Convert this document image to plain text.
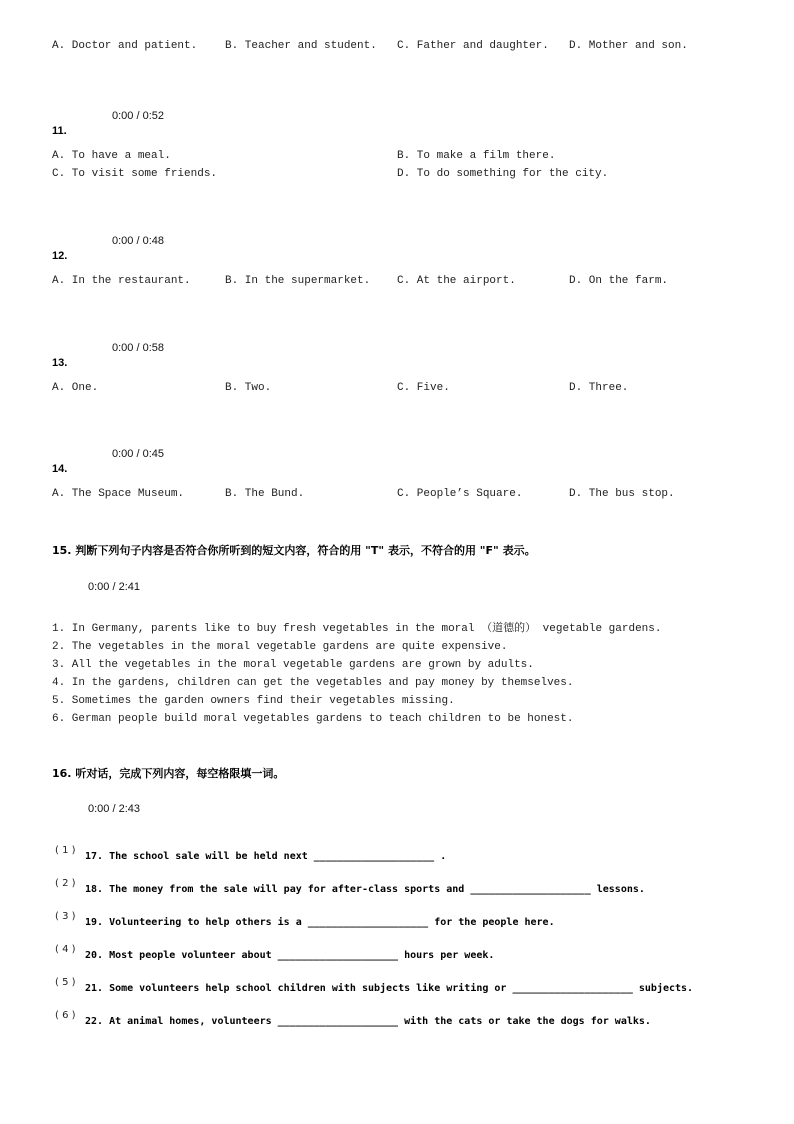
A. Doctor and patient.	B. Teacher and student. C. Father and daughter. D. Mother and son.
0:00 / 0:52
11.
A. To have a meal.	B. To make a film there.
C. To visit some friends.	D. To do something for the city.
0:00 / 0:48
12.
A. In the restaurant.	B. In the supermarket. C. At the airport.	D. On the farm.
0:00 / 0:58
13.
A. One.	B. Two.	C. Five.	D. Three.
0:00 / 0:45
14.
A. The Space Museum.	B. The Bund.	C. People’s Square.	D. The bus stop.
15. 判断下列句子内容是否符合你所听到的短文内容，符合的用 "T" 表示，不符合的用 "F" 表示。
0:00 / 2:41
1. In Germany, parents like to buy fresh vegetables in the moral （道德的） vegetable gardens.
2. The vegetables in the moral vegetable gardens are quite expensive.
3. All the vegetables in the moral vegetable gardens are grown by adults.
4. In the gardens, children can get the vegetables and pay money by themselves.
5. Sometimes the garden owners find their vegetables missing.
6. German people build moral vegetables gardens to teach children to be honest.
16. 听对话，完成下列内容，每空格限填一词。
0:00 / 2:43
( 1 )
17. The school sale will be held next ____________________ .
( 2 )
18. The money from the sale will pay for after-class sports and ____________________ lessons.
( 3 )
19. Volunteering to help others is a ____________________ for the people here.
( 4 )
20. Most people volunteer about ____________________ hours per week.
( 5 )
21. Some volunteers help school children with subjects like writing or ____________________ subjects.
( 6 )
22. At animal homes, volunteers ____________________ with the cats or take the dogs for walks.
